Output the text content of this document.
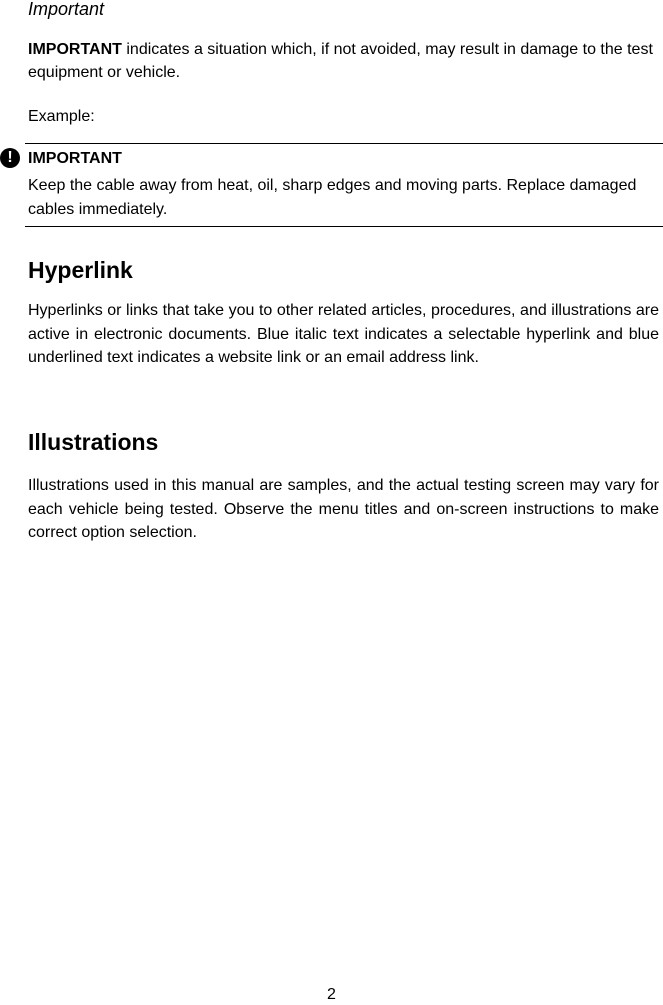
Important
IMPORTANT indicates a situation which, if not avoided, may result in damage to the test equipment or vehicle.
Example:
! IMPORTANT
Keep the cable away from heat, oil, sharp edges and moving parts. Replace damaged cables immediately.
Hyperlink
Hyperlinks or links that take you to other related articles, procedures, and illustrations are active in electronic documents. Blue italic text indicates a selectable hyperlink and blue underlined text indicates a website link or an email address link.
Illustrations
Illustrations used in this manual are samples, and the actual testing screen may vary for each vehicle being tested. Observe the menu titles and on-screen instructions to make correct option selection.
2
